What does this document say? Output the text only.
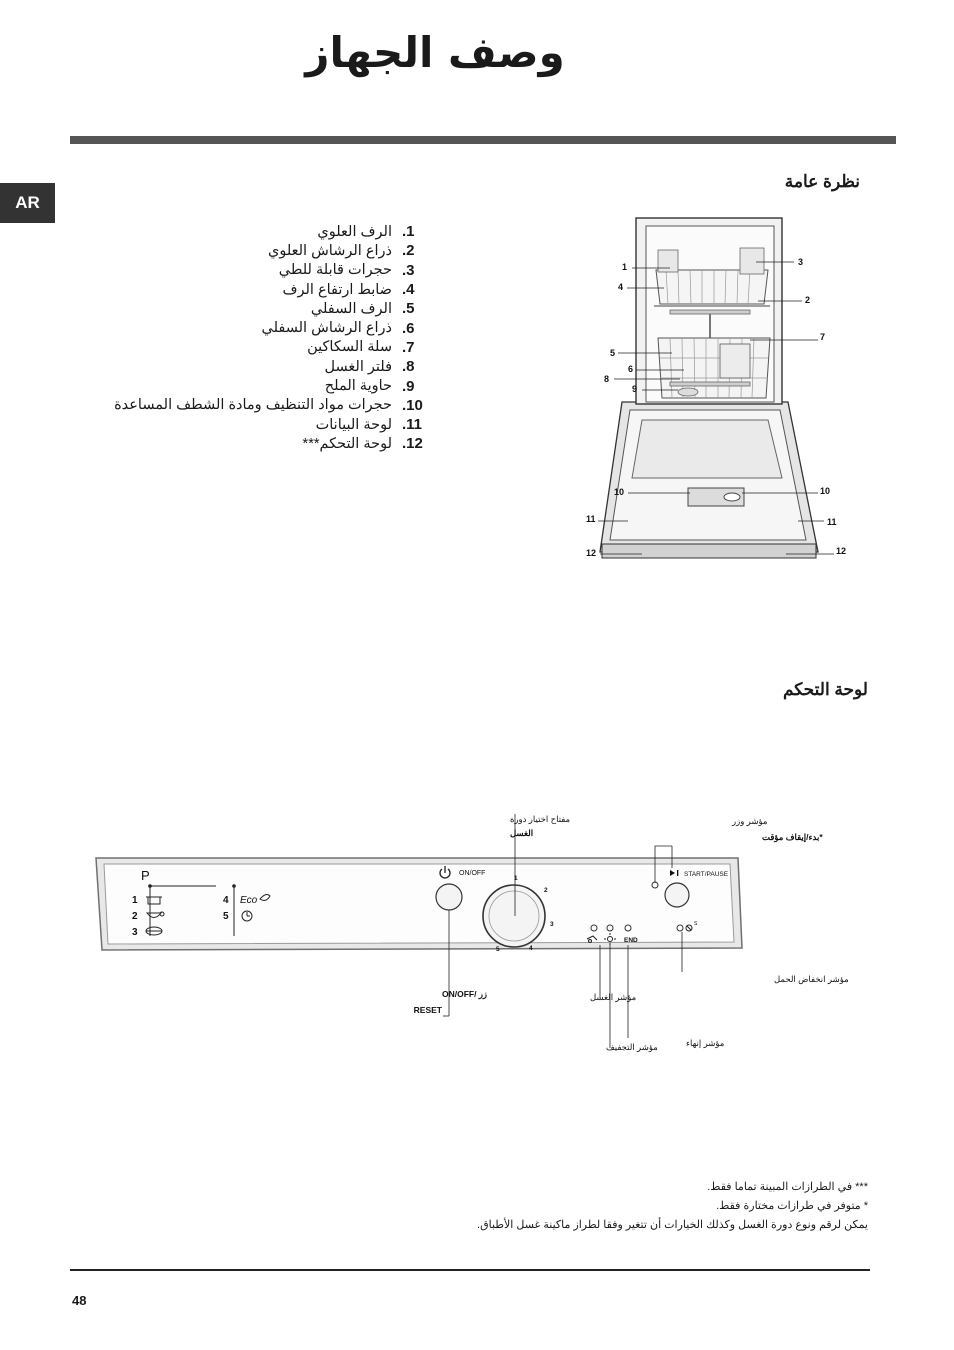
وصف الجهاز
AR
نظرة عامة
الرف العلوي .1
ذراع الرشاش العلوي .2
حجرات قابلة للطي .3
ضابط ارتفاع الرف .4
الرف السفلي .5
ذراع الرشاش السفلي .6
سلة السكاكين .7
فلتر الغسل .8
حاوية الملح .9
حجرات مواد التنظيف ومادة الشطف المساعدة .10
لوحة البيانات .11
لوحة التحكم*** .12
1
4
5
6
8
9
3
2
7
10	10
11	11
12	12
لوحة التحكم
P
1
2
3
4
5
Eco
ON/OFF
1
2
3
4
5
END
START/PAUSE
S
مفتاح اختيار دورة
الغسل
مؤشر وزر
*بدء/إيقاف مؤقت
زر /ON/OFF
RESET
مؤشر الغسل
مؤشر التجفيف	مؤشر إنهاء
مؤشر انخفاض الحمل
*** في الطرازات المبينة تماما فقط.
* متوفر في طرازات مختارة فقط.
يمكن لرقم ونوع دورة الغسل وكذلك الخيارات أن تتغير وفقا لطراز ماكينة غسل الأطباق.
48
